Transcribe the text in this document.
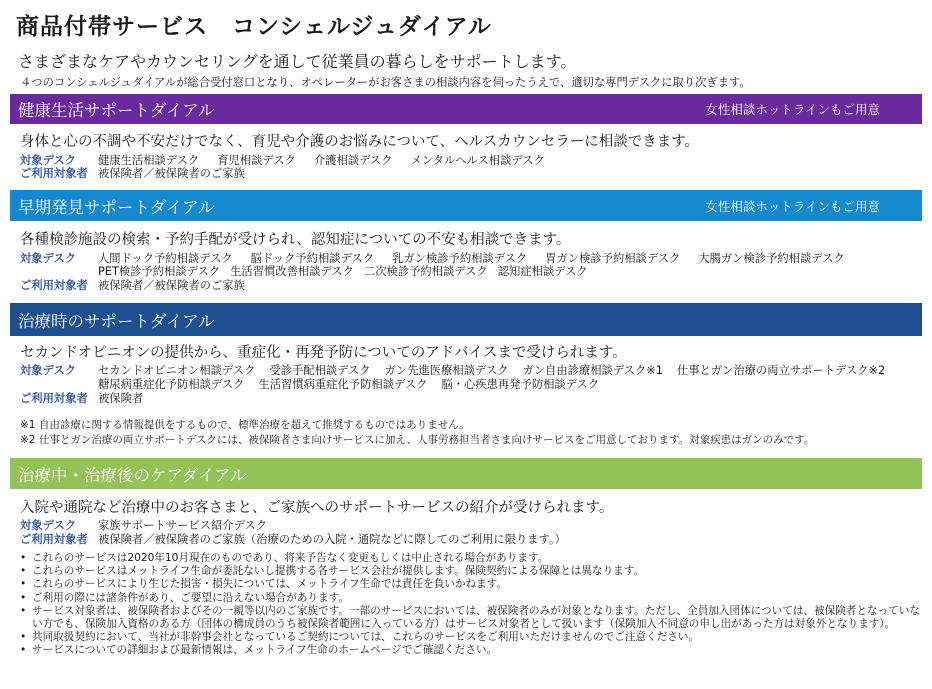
商品付帯サービス　コンシェルジュダイアル
さまざまなケアやカウンセリングを通して従業員の暮らしをサポートします。
４つのコンシェルジュダイアルが総合受付窓口となり、オペレーターがお客さまの相談内容を伺ったうえで、適切な専門デスクに取り次ぎます。
健康生活サポートダイアル	女性相談ホットラインもご用意
身体と心の不調や不安だけでなく、育児や介護のお悩みについて、ヘルスカウンセラーに相談できます。
対象デスク 健康生活相談デスク 育児相談デスク 介護相談デスク メンタルヘルス相談デスク
ご利用対象者 被保険者／被保険者のご家族
早期発見サポートダイアル	女性相談ホットラインもご用意
各種検診施設の検索・予約手配が受けられ、認知症についての不安も相談できます。
対象デスク 人間ドック予約相談デスク 脳ドック予約相談デスク 乳ガン検診予約相談デスク 胃ガン検診予約相談デスク 大腸ガン検診予約相談デスク
PET検診予約相談デスク 生活習慣改善相談デスク 二次検診予約相談デスク 認知症相談デスク
ご利用対象者 被保険者／被保険者のご家族
治療時のサポートダイアル
セカンドオピニオンの提供から、重症化・再発予防についてのアドバイスまで受けられます。
対象デスク セカンドオピニオン相談デスク 受診手配相談デスク ガン先進医療相談デスク ガン自由診療相談デスク※1 仕事とガン治療の両立サポートデスク※2
糖尿病重症化予防相談デスク 生活習慣病重症化予防相談デスク 脳・心疾患再発予防相談デスク
ご利用対象者 被保険者
※1 自由診療に関する情報提供をするもので、標準治療を超えて推奨するものではありません。
※2 仕事とガン治療の両立サポートデスクには、被保険者さま向けサービスに加え、人事労務担当者さま向けサービスをご用意しております。対象疾患はガンのみです。
治療中・治療後のケアダイアル
入院や通院など治療中のお客さまと、ご家族へのサポートサービスの紹介が受けられます。
対象デスク 家族サポートサービス紹介デスク
ご利用対象者 被保険者／被保険者のご家族（治療のための入院・通院などに際してのご利用に限ります。）
• これらのサービスは2020年10月現在のものであり、将来予告なく変更もしくは中止される場合があります。
• これらのサービスはメットライフ生命が委託ないし提携する各サービス会社が提供します。保険契約による保障とは異なります。
• これらのサービスにより生じた損害・損失については、メットライフ生命では責任を負いかねます。
• ご利用の際には諸条件があり、ご要望に沿えない場合があります。
• サービス対象者は、被保険者およびその一親等以内のご家族です。一部のサービスにおいては、被保険者のみが対象となります。ただし、全員加入団体については、被保険者となっていない方でも、保険加入資格のある方（団体の構成員のうち被保険者範囲に入っている方）はサービス対象者として扱います（保険加入不同意の申し出があった方は対象外となります）。
• 共同取扱契約において、当社が非幹事会社となっているご契約については、これらのサービスをご利用いただけませんのでご注意ください。
• サービスについての詳細および最新情報は、メットライフ生命のホームページでご確認ください。
